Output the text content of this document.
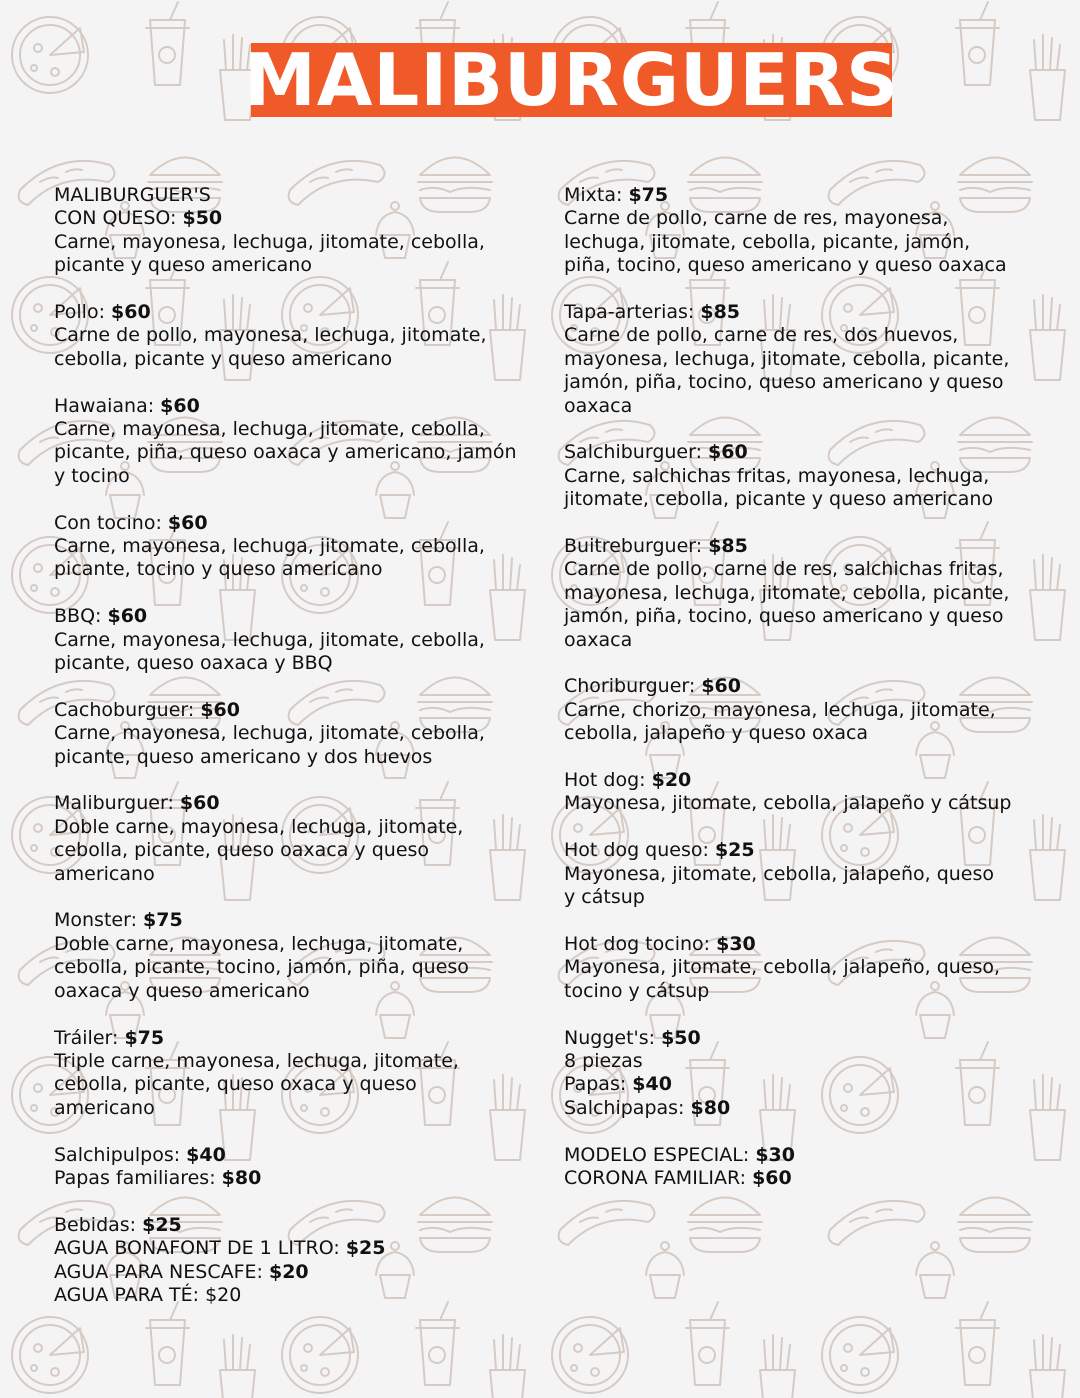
MALIBURGUERS
MALIBURGUER'S
CON QUESO: $50
Carne, mayonesa, lechuga, jitomate, cebolla,
picante y queso americano
Pollo: $60
Carne de pollo, mayonesa, lechuga, jitomate,
cebolla, picante y queso americano
Hawaiana: $60
Carne, mayonesa, lechuga, jitomate, cebolla,
picante, piña, queso oaxaca y americano, jamón
y tocino
Con tocino: $60
Carne, mayonesa, lechuga, jitomate, cebolla,
picante, tocino y queso americano
BBQ: $60
Carne, mayonesa, lechuga, jitomate, cebolla,
picante, queso oaxaca y BBQ
Cachoburguer: $60
Carne, mayonesa, lechuga, jitomate, cebolla,
picante, queso americano y dos huevos
Maliburguer: $60
Doble carne, mayonesa, lechuga, jitomate,
cebolla, picante, queso oaxaca y queso
americano
Monster: $75
Doble carne, mayonesa, lechuga, jitomate,
cebolla, picante, tocino, jamón, piña, queso
oaxaca y queso americano
Tráiler: $75
Triple carne, mayonesa, lechuga, jitomate,
cebolla, picante, queso oxaca y queso
americano
Salchipulpos: $40
Papas familiares: $80
Bebidas: $25
AGUA BONAFONT DE 1 LITRO: $25
AGUA PARA NESCAFE: $20
AGUA PARA TÉ: $20
Mixta: $75
Carne de pollo, carne de res, mayonesa,
lechuga, jitomate, cebolla, picante, jamón,
piña, tocino, queso americano y queso oaxaca
Tapa-arterias: $85
Carne de pollo, carne de res, dos huevos,
mayonesa, lechuga, jitomate, cebolla, picante,
jamón, piña, tocino, queso americano y queso
oaxaca
Salchiburguer: $60
Carne, salchichas fritas, mayonesa, lechuga,
jitomate, cebolla, picante y queso americano
Buitreburguer: $85
Carne de pollo, carne de res, salchichas fritas,
mayonesa, lechuga, jitomate, cebolla, picante,
jamón, piña, tocino, queso americano y queso
oaxaca
Choriburguer: $60
Carne, chorizo, mayonesa, lechuga, jitomate,
cebolla, jalapeño y queso oxaca
Hot dog: $20
Mayonesa, jitomate, cebolla, jalapeño y cátsup
Hot dog queso: $25
Mayonesa, jitomate, cebolla, jalapeño, queso
y cátsup
Hot dog tocino: $30
Mayonesa, jitomate, cebolla, jalapeño, queso,
tocino y cátsup
Nugget's: $50
8 piezas
Papas: $40
Salchipapas: $80
MODELO ESPECIAL: $30
CORONA FAMILIAR: $60
